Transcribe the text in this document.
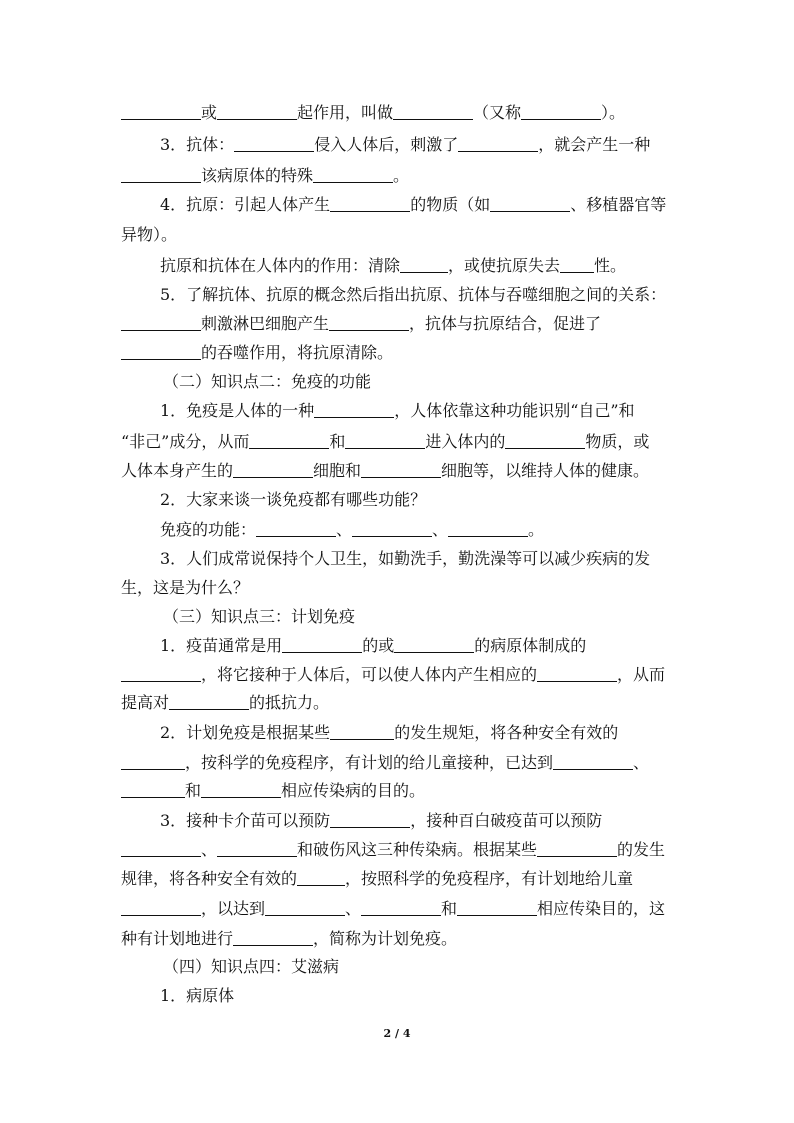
或	起作用，叫做	（又称	）。
3．抗体：	侵入人体后，刺激了	，就会产生一种
该病原体的特殊	。
4．抗原：引起人体产生	的物质（如	、移植器官等
异物）。
抗原和抗体在人体内的作用：清除	，或使抗原失去 性。
5．了解抗体、抗原的概念然后指出抗原、抗体与吞噬细胞之间的关系：
刺激淋巴细胞产生	，抗体与抗原结合，促进了
的吞噬作用，将抗原清除。
（二）知识点二：免疫的功能
1．免疫是人体的一种	，人体依靠这种功能识别“自己”和
“非己”成分，从而	和	进入体内的	物质，或
人体本身产生的	细胞和	细胞等，以维持人体的健康。
2．大家来谈一谈免疫都有哪些功能？
免疫的功能：	、	、	。
3．人们成常说保持个人卫生，如勤洗手，勤洗澡等可以减少疾病的发
生，这是为什么？
（三）知识点三：计划免疫
1．疫苗通常是用	的或	的病原体制成的
，将它接种于人体后，可以使人体内产生相应的	，从而
提高对	的抵抗力。
2．计划免疫是根据某些	的发生规矩，将各种安全有效的
，按科学的免疫程序，有计划的给儿童接种，已达到	、
和	相应传染病的目的。
3．接种卡介苗可以预防	，接种百白破疫苗可以预防
、	和破伤风这三种传染病。根据某些	的发生
规律，将各种安全有效的	，按照科学的免疫程序，有计划地给儿童
，以达到	、	和	相应传染目的，这
种有计划地进行	，简称为计划免疫。
（四）知识点四：艾滋病
1．病原体
2 / 4
